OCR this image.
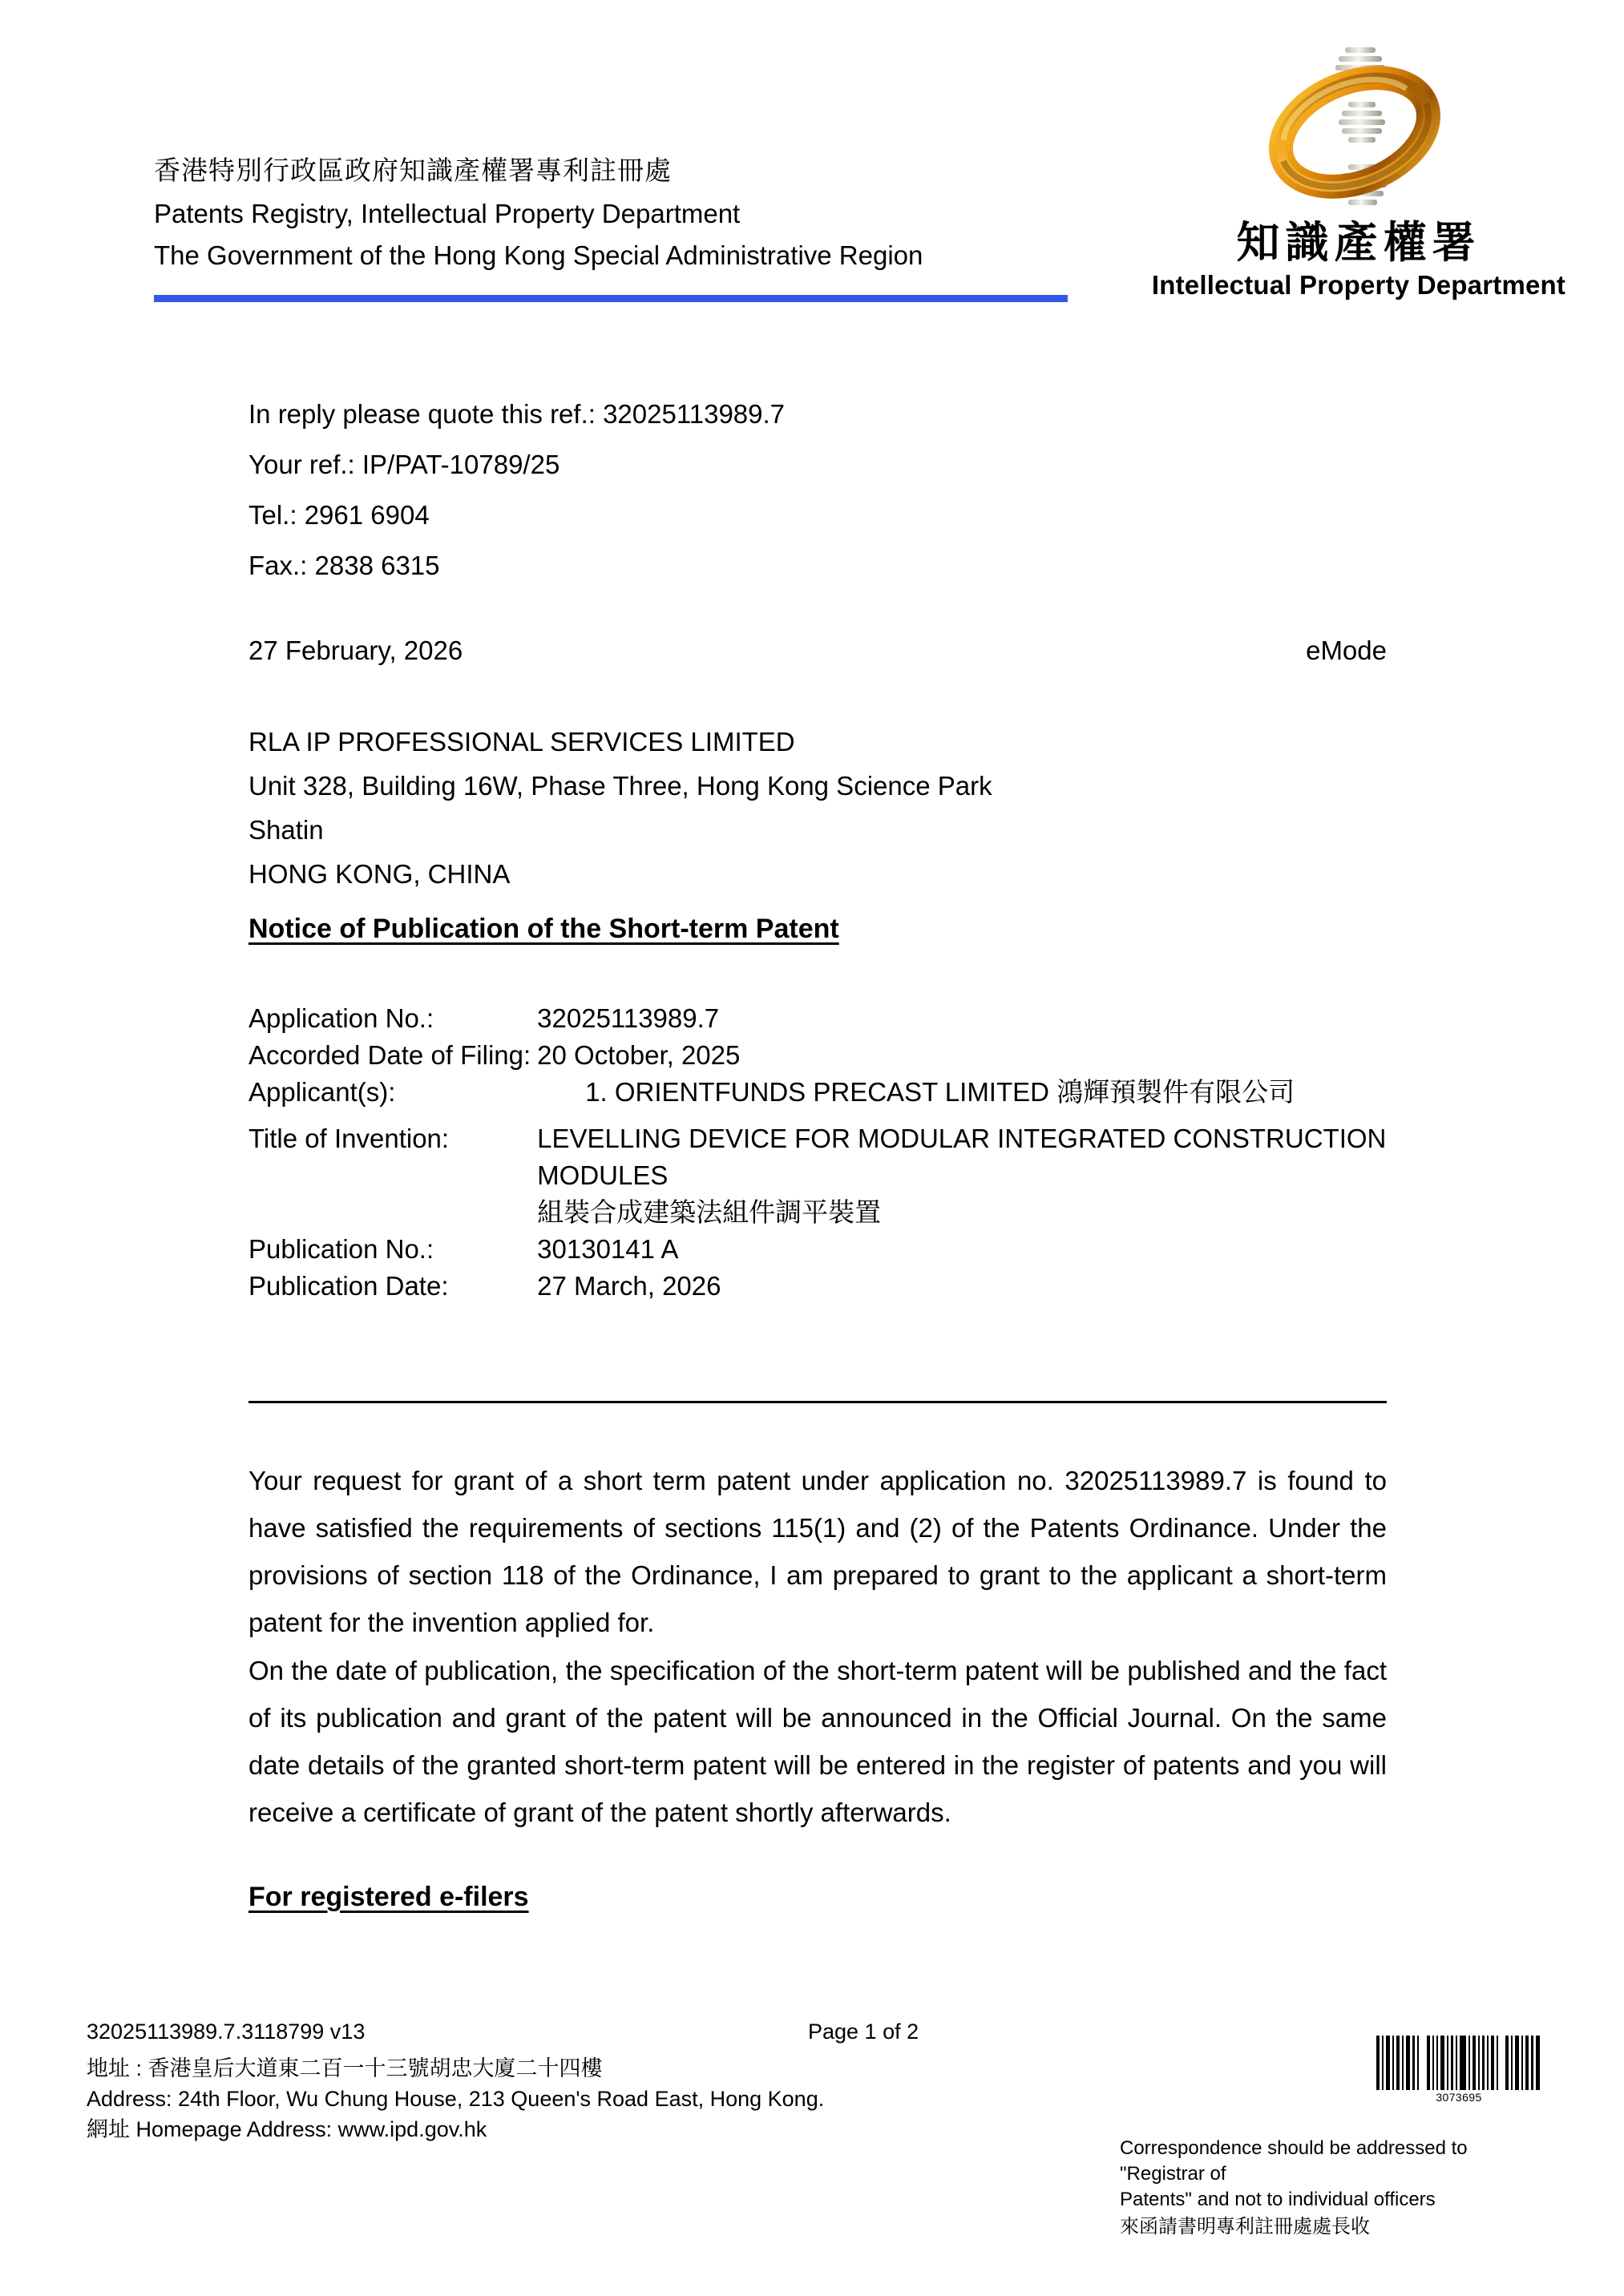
香港特別行政區政府知識產權署專利註冊處
Patents Registry, Intellectual Property Department
The Government of the Hong Kong Special Administrative Region	知識產權署
Intellectual Property Department
In reply please quote this ref.: 32025113989.7
Your ref.: IP/PAT-10789/25
Tel.: 2961 6904
Fax.: 2838 6315
27 February, 2026	eMode
RLA IP PROFESSIONAL SERVICES LIMITED
Unit 328, Building 16W, Phase Three, Hong Kong Science Park
Shatin
HONG KONG, CHINA
Notice of Publication of the Short-term Patent
Application No.:	32025113989.7
Accorded Date of Filing:	20 October, 2025
Applicant(s):	1. ORIENTFUNDS PRECAST LIMITED 鴻輝預製件有限公司

Title of Invention:	LEVELLING DEVICE FOR MODULAR INTEGRATED CONSTRUCTION MODULES
組裝合成建築法組件調平裝置

Publication No.:	30130141 A
Publication Date:	27 March, 2026
Your request for grant of a short term patent under application no. 32025113989.7 is found to have satisfied the requirements of sections 115(1) and (2) of the Patents Ordinance. Under the provisions of section 118 of the Ordinance, I am prepared to grant to the applicant a short-term patent for the invention applied for.
On the date of publication, the specification of the short-term patent will be published and the fact of its publication and grant of the patent will be announced in the Official Journal. On the same date details of the granted short-term patent will be entered in the register of patents and you will receive a certificate of grant of the patent shortly afterwards.
For registered e-filers
32025113989.7.3118799 v13	Page 1 of 2
地址 : 香港皇后大道東二百一十三號胡忠大廈二十四樓
Address: 24th Floor, Wu Chung House, 213 Queen's Road East, Hong Kong.
網址 Homepage Address: www.ipd.gov.hk
3073695
Correspondence should be addressed to "Registrar of
Patents" and not to individual officers
來函請書明專利註冊處處長收
